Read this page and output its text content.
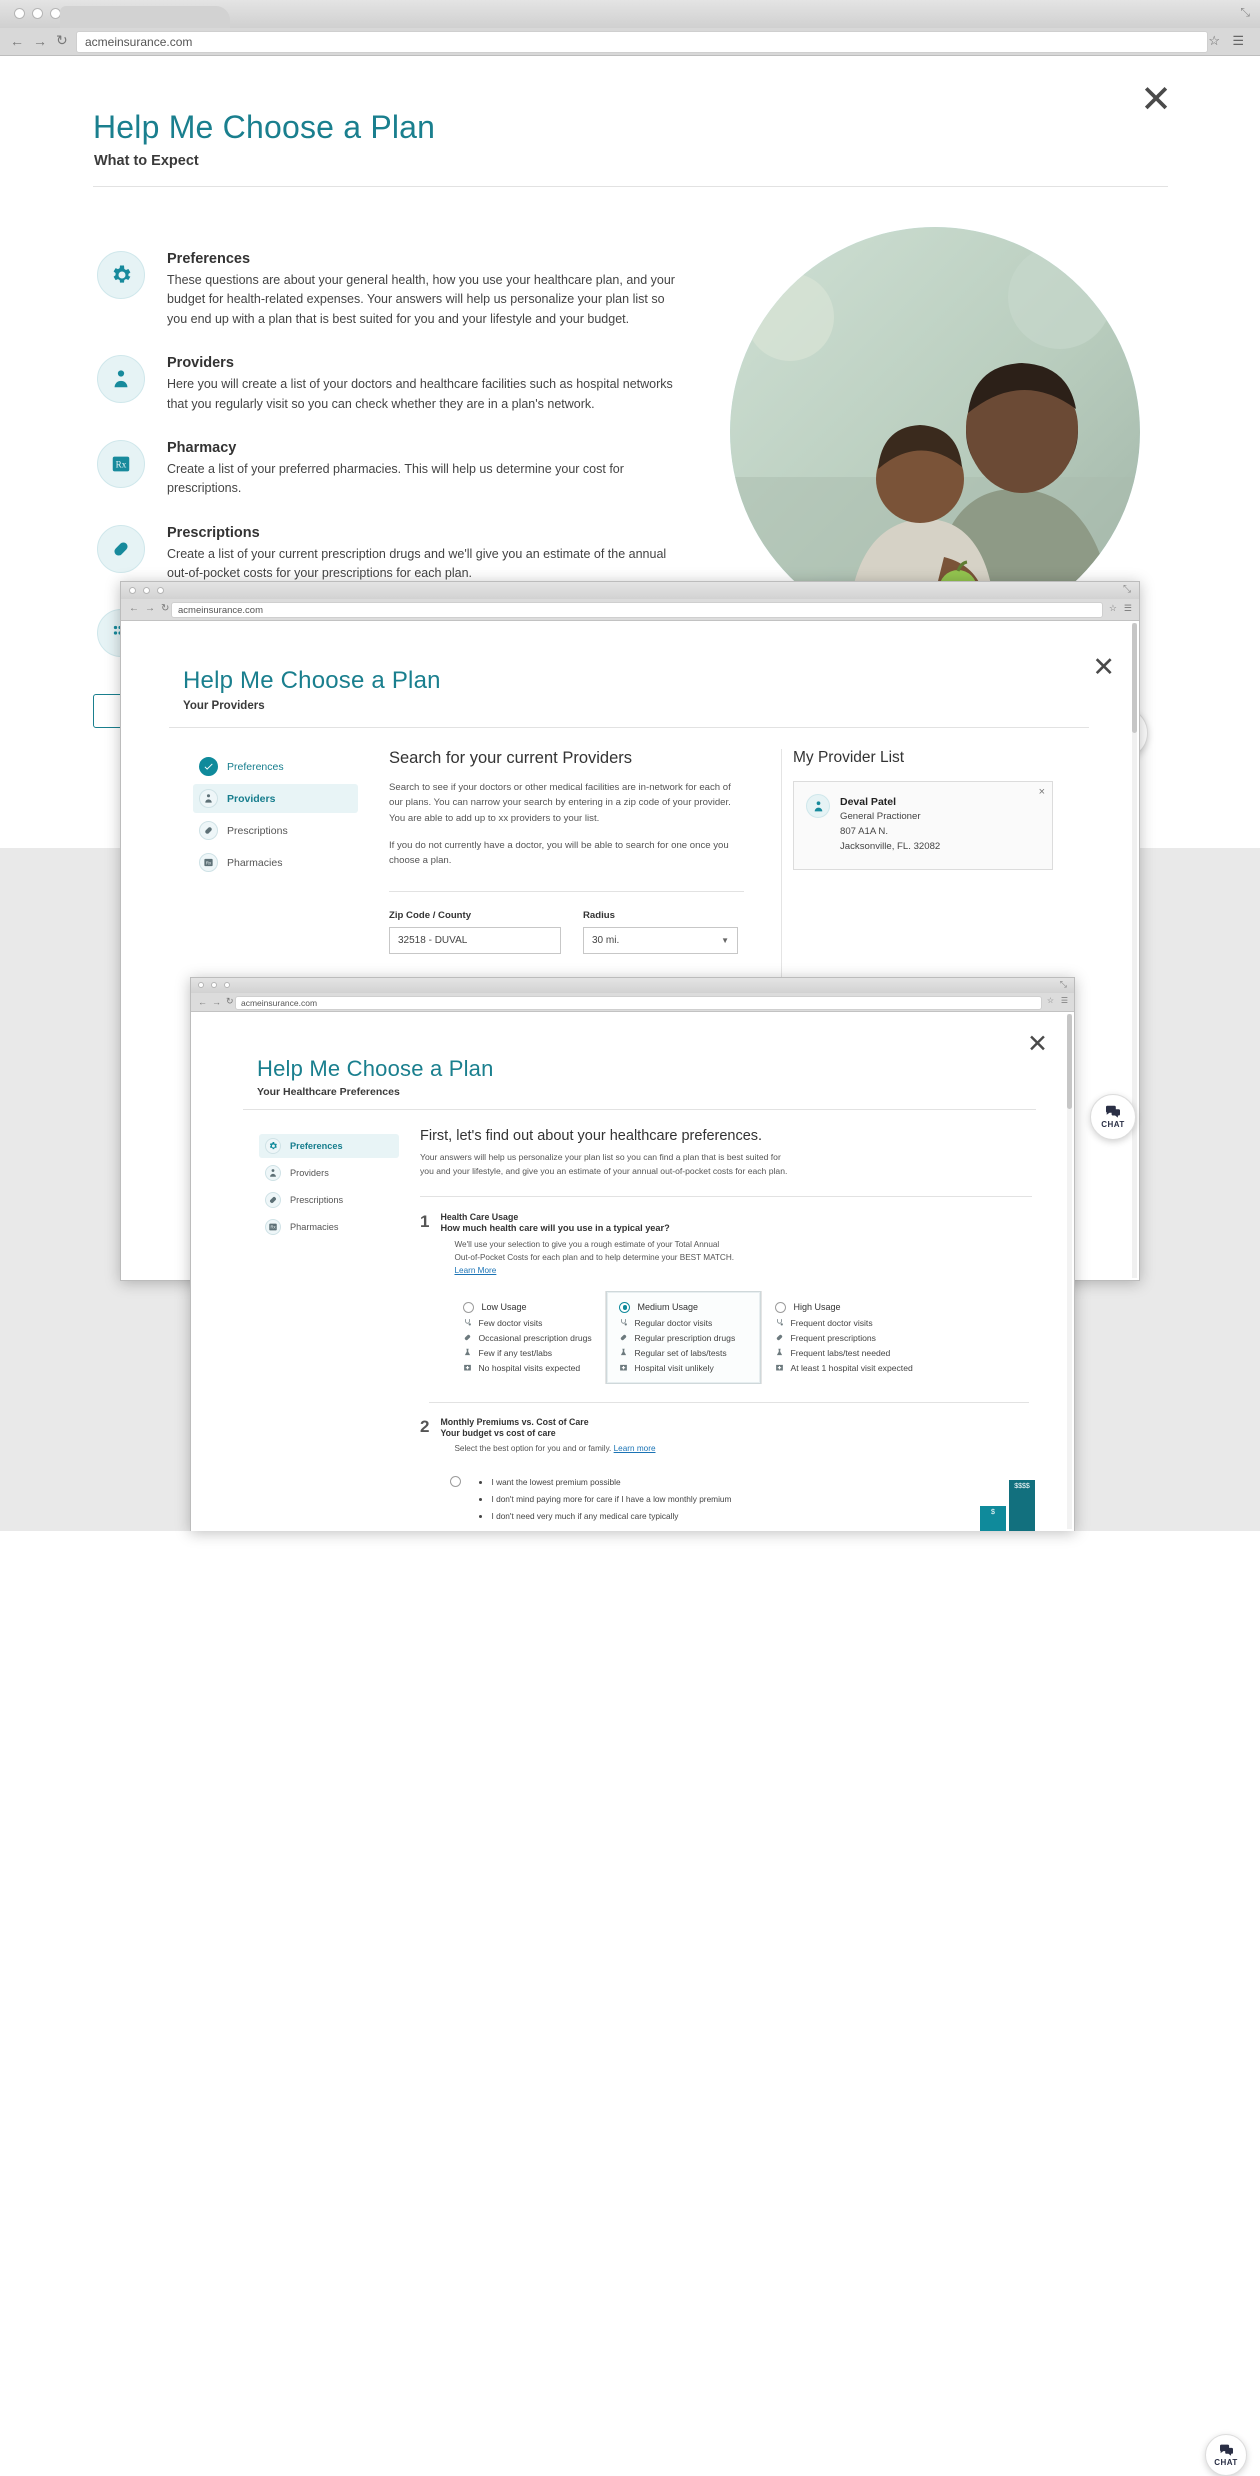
⤡
← → ↻ acmeinsurance.com	☆ ☰
✕
Help Me Choose a Plan
What to Expect
Preferences

These questions are about your general health, how you use your healthcare plan, and your budget for health-related expenses. Your answers will help us personalize your plan list so you end up with a plan that is best suited for you and your lifestyle and your budget.

Providers

Here you will create a list of your doctors and healthcare facilities such as hospital networks that you regularly visit so you can check whether they are in a plan's network.

Rx
Pharmacy

Create a list of your preferred pharmacies. This will help us determine your cost for prescriptions.

Prescriptions

Create a list of your current prescription drugs and we'll give you an estimate of the annual out-of-pocket costs for your prescriptions for each plan.

⤡
← → ↻ acmeinsurance.com	☆ ☰
✕
Help Me Choose a Plan
Your Providers
Preferences
Providers
Prescriptions
Rx Pharmacies
Search for your current Providers

Search to see if your doctors or other medical facilities are in-network for each of our plans. You can narrow your search by entering in a zip code of your provider. You are able to add up to xx providers to your list.

If you do not currently have a doctor, you will be able to search for one once you choose a plan.

Zip Code / County
32518 - DUVAL
Radius
30 mi.	▼
My Provider List
×
Deval Patel
General Practioner
807 A1A N.
Jacksonville, FL. 32082
CHAT
⤡
← → ↻ acmeinsurance.com	☆ ☰
✕
Help Me Choose a Plan
Your Healthcare Preferences
Preferences
Providers
Prescriptions
Rx Pharmacies
First, let's find out about your healthcare preferences.

Your answers will help us personalize your plan list so you can find a plan that is best suited for you and your lifestyle, and give you an estimate of your annual out-of-pocket costs for each plan.

1 Health Care Usage
How much health care will you use in a typical year?
We'll use your selection to give you a rough estimate of your Total Annual Out-of-Pocket Costs for each plan and to help determine your BEST MATCH. Learn More
Low Usage
Few doctor visits
Occasional prescription drugs
Few if any test/labs
No hospital visits expected
Medium Usage
Regular doctor visits
Regular prescription drugs
Regular set of labs/tests
Hospital visit unlikely
High Usage
Frequent doctor visits
Frequent prescriptions
Frequent labs/test needed
At least 1 hospital visit expected
2 Monthly Premiums vs. Cost of Care
Your budget vs cost of care
Select the best option for you and or family. Learn more
• I want the lowest premium possible
• I don't mind paying more for care if I have a low monthly premium
• I don't need very much if any medical care typically	$
$$$$
CHAT
